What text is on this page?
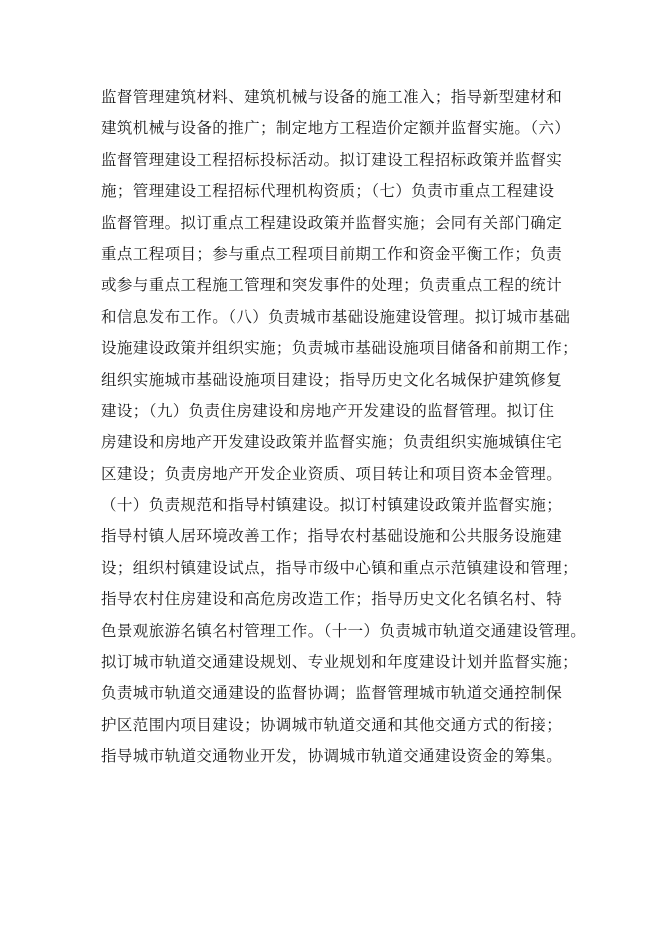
监督管理建筑材料、建筑机械与设备的施工准入；指导新型建材和
建筑机械与设备的推广；制定地方工程造价定额并监督实施。（六）
监督管理建设工程招标投标活动。拟订建设工程招标政策并监督实
施；管理建设工程招标代理机构资质；（七）负责市重点工程建设
监督管理。拟订重点工程建设政策并监督实施；会同有关部门确定
重点工程项目；参与重点工程项目前期工作和资金平衡工作；负责
或参与重点工程施工管理和突发事件的处理；负责重点工程的统计
和信息发布工作。（八）负责城市基础设施建设管理。拟订城市基础
设施建设政策并组织实施；负责城市基础设施项目储备和前期工作；
组织实施城市基础设施项目建设；指导历史文化名城保护建筑修复
建设；（九）负责住房建设和房地产开发建设的监督管理。拟订住
房建设和房地产开发建设政策并监督实施；负责组织实施城镇住宅
区建设；负责房地产开发企业资质、项目转让和项目资本金管理。
（十）负责规范和指导村镇建设。拟订村镇建设政策并监督实施；
指导村镇人居环境改善工作；指导农村基础设施和公共服务设施建
设；组织村镇建设试点，指导市级中心镇和重点示范镇建设和管理；
指导农村住房建设和高危房改造工作；指导历史文化名镇名村、特
色景观旅游名镇名村管理工作。（十一）负责城市轨道交通建设管理。
拟订城市轨道交通建设规划、专业规划和年度建设计划并监督实施；
负责城市轨道交通建设的监督协调；监督管理城市轨道交通控制保
护区范围内项目建设；协调城市轨道交通和其他交通方式的衔接；
指导城市轨道交通物业开发，协调城市轨道交通建设资金的筹集。
